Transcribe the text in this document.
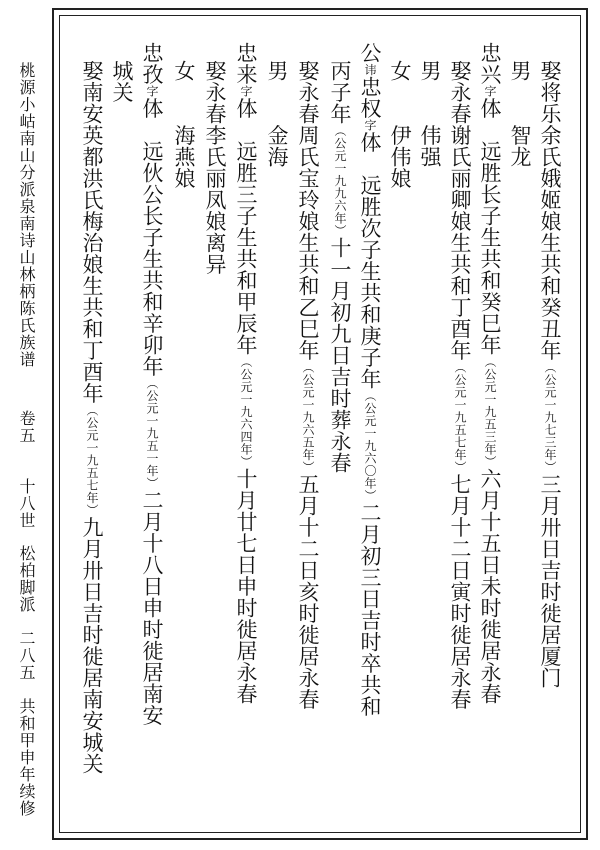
桃源小岵南山分派泉南诗山林柄陈氏族谱
卷五
十八世
松柏脚派
二八五
共和甲申年续修
娶将乐余氏娥姬娘生共和癸丑年（公元一九七三年）三月卅日吉时徙居厦门
男　　智龙
忠兴字体　远胜长子生共和癸巳年（公元一九五三年）六月十五日未时徙居永春
娶永春谢氏丽卿娘生共和丁酉年（公元一九五七年）七月十二日寅时徙居永春
男　　伟强
女　　伊伟娘
公讳忠权字体　远胜次子生共和庚子年（公元一九六〇年）二月初三日吉时卒共和
丙子年（公元一九九六年）十一月初九日吉时葬永春
娶永春周氏宝玲娘生共和乙巳年（公元一九六五年）五月十二日亥时徙居永春
男　　金海
忠来字体　远胜三子生共和甲辰年（公元一九六四年）十月廿七日申时徙居永春
娶永春李氏丽凤娘离异
女　　海燕娘
忠孜字体　远伙公长子生共和辛卯年（公元一九五一年）二月十八日申时徙居南安
城关
娶南安英都洪氏梅治娘生共和丁酉年（公元一九五七年）九月卅日吉时徙居南安城关
